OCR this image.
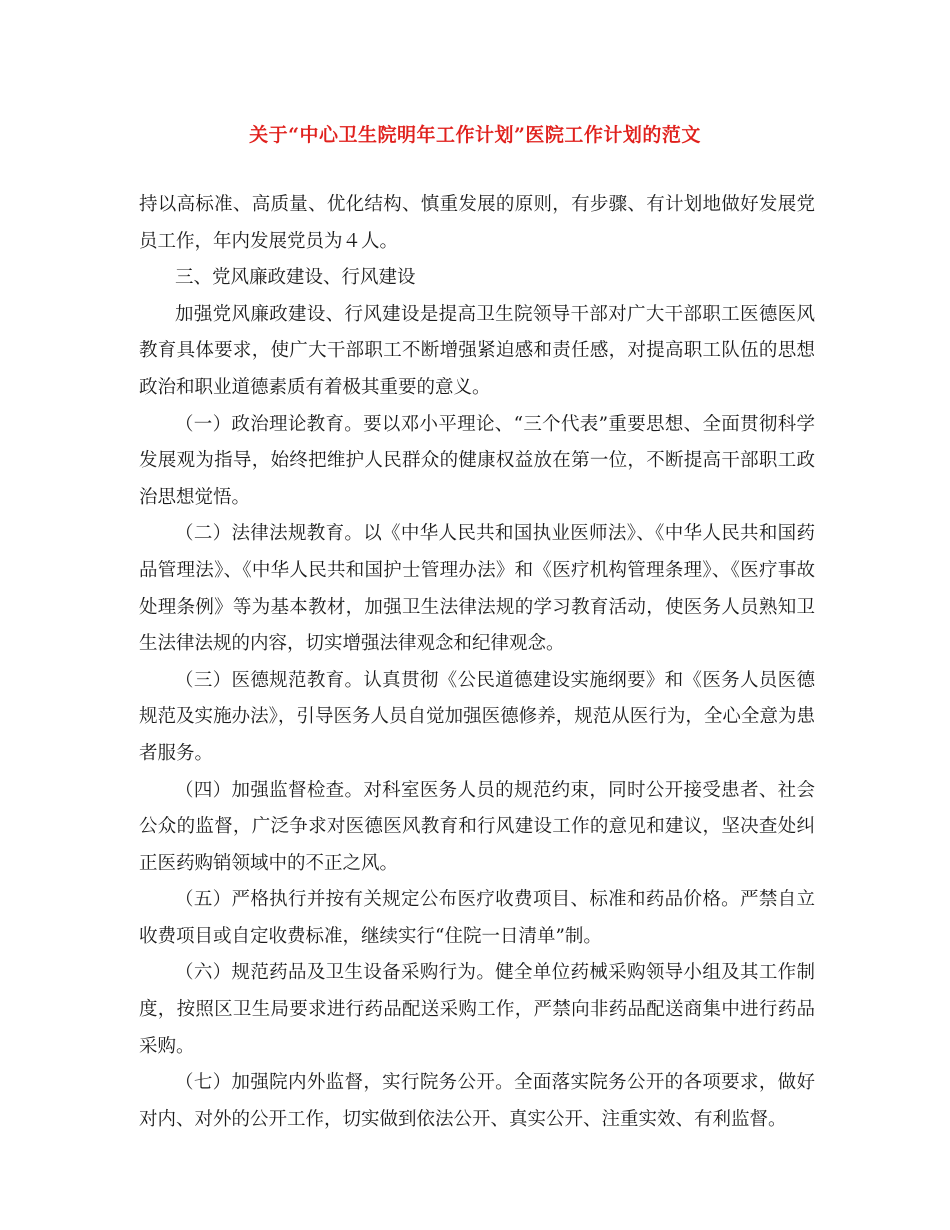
关于“中心卫生院明年工作计划”医院工作计划的范文

持以高标准、高质量、优化结构、慎重发展的原则，有步骤、有计划地做好发展党员工作，年内发展党员为４人。

三、党风廉政建设、行风建设

加强党风廉政建设、行风建设是提高卫生院领导干部对广大干部职工医德医风教育具体要求，使广大干部职工不断增强紧迫感和责任感，对提高职工队伍的思想政治和职业道德素质有着极其重要的意义。

（一）政治理论教育。要以邓小平理论、“三个代表”重要思想、全面贯彻科学发展观为指导，始终把维护人民群众的健康权益放在第一位，不断提高干部职工政治思想觉悟。

（二）法律法规教育。以《中华人民共和国执业医师法》、《中华人民共和国药品管理法》、《中华人民共和国护士管理办法》和《医疗机构管理条理》、《医疗事故处理条例》等为基本教材，加强卫生法律法规的学习教育活动，使医务人员熟知卫生法律法规的内容，切实增强法律观念和纪律观念。

（三）医德规范教育。认真贯彻《公民道德建设实施纲要》和《医务人员医德规范及实施办法》，引导医务人员自觉加强医德修养，规范从医行为，全心全意为患者服务。

（四）加强监督检查。对科室医务人员的规范约束，同时公开接受患者、社会公众的监督，广泛争求对医德医风教育和行风建设工作的意见和建议，坚决查处纠正医药购销领域中的不正之风。

（五）严格执行并按有关规定公布医疗收费项目、标准和药品价格。严禁自立收费项目或自定收费标准，继续实行“住院一日清单”制。

（六）规范药品及卫生设备采购行为。健全单位药械采购领导小组及其工作制度，按照区卫生局要求进行药品配送采购工作，严禁向非药品配送商集中进行药品采购。

（七）加强院内外监督，实行院务公开。全面落实院务公开的各项要求，做好对内、对外的公开工作，切实做到依法公开、真实公开、注重实效、有利监督。
